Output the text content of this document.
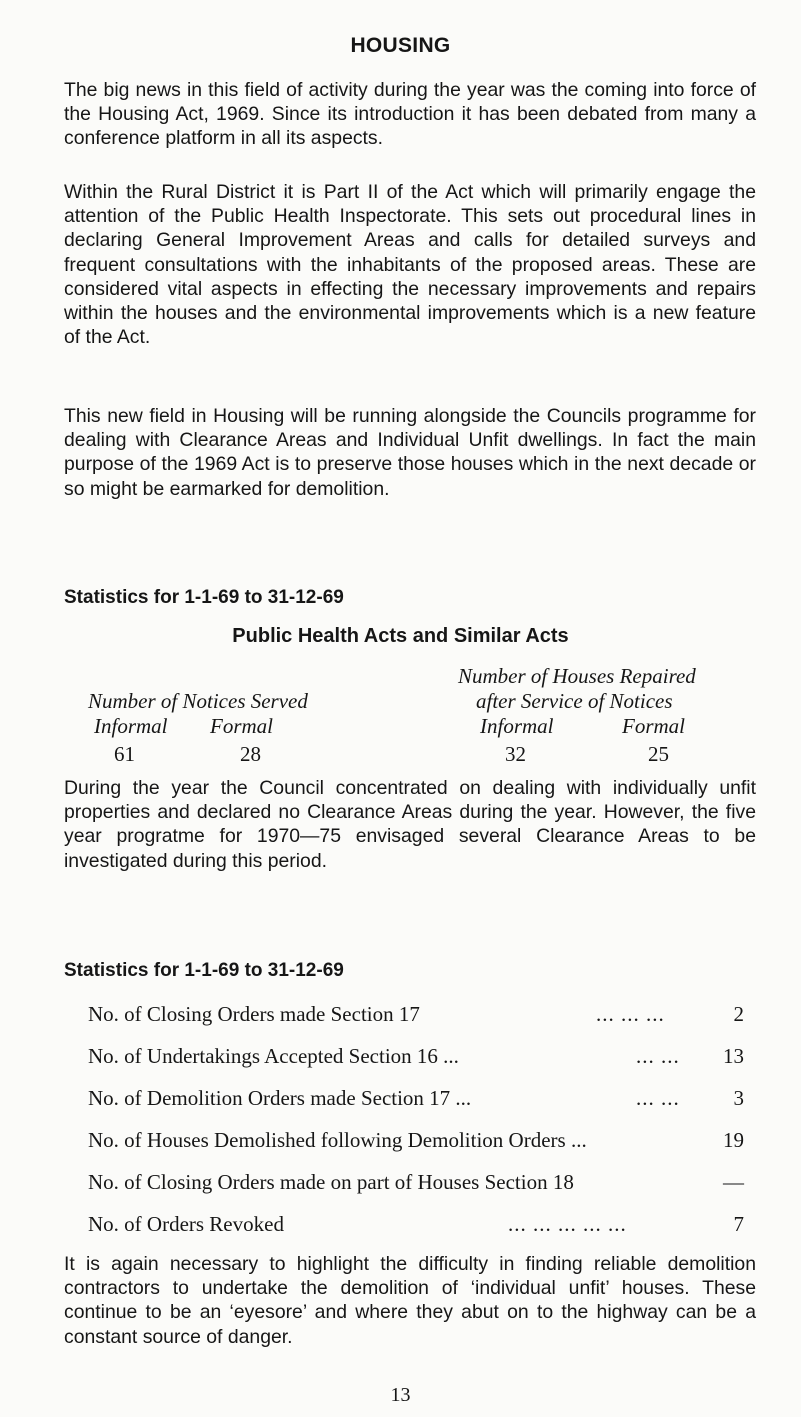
HOUSING

The big news in this field of activity during the year was the coming into force of the Housing Act, 1969. Since its introduction it has been debated from many a conference platform in all its aspects.

Within the Rural District it is Part II of the Act which will primarily engage the attention of the Public Health Inspectorate. This sets out procedural lines in declaring General Improvement Areas and calls for detailed surveys and frequent consultations with the inhabitants of the proposed areas. These are considered vital aspects in effecting the necessary improvements and repairs within the houses and the environmental improvements which is a new feature of the Act.

This new field in Housing will be running alongside the Councils programme for dealing with Clearance Areas and Individual Unfit dwellings. In fact the main purpose of the 1969 Act is to preserve those houses which in the next decade or so might be earmarked for demolition.

Statistics for 1-1-69 to 31-12-69
Public Health Acts and Similar Acts
Number of Houses Repaired
Number of Notices Served	after Service of Notices
Informal Formal	Informal	Formal
61	28	32	25

During the year the Council concentrated on dealing with individually unfit properties and declared no Clearance Areas during the year. However, the five year progratme for 1970—75 envisaged several Clearance Areas to be investigated during this period.

Statistics for 1-1-69 to 31-12-69
No. of Closing Orders made Section 17	... ... ...	2
No. of Undertakings Accepted Section 16 ...	... ... 13
No. of Demolition Orders made Section 17 ...	... ...	3
No. of Houses Demolished following Demolition Orders ...	19
No. of Closing Orders made on part of Houses Section 18	—
No. of Orders Revoked	... ... ... ... ...	7

It is again necessary to highlight the difficulty in finding reliable demolition contractors to undertake the demolition of ‘individual unfit’ houses. These continue to be an ‘eyesore’ and where they abut on to the highway can be a constant source of danger.

13
